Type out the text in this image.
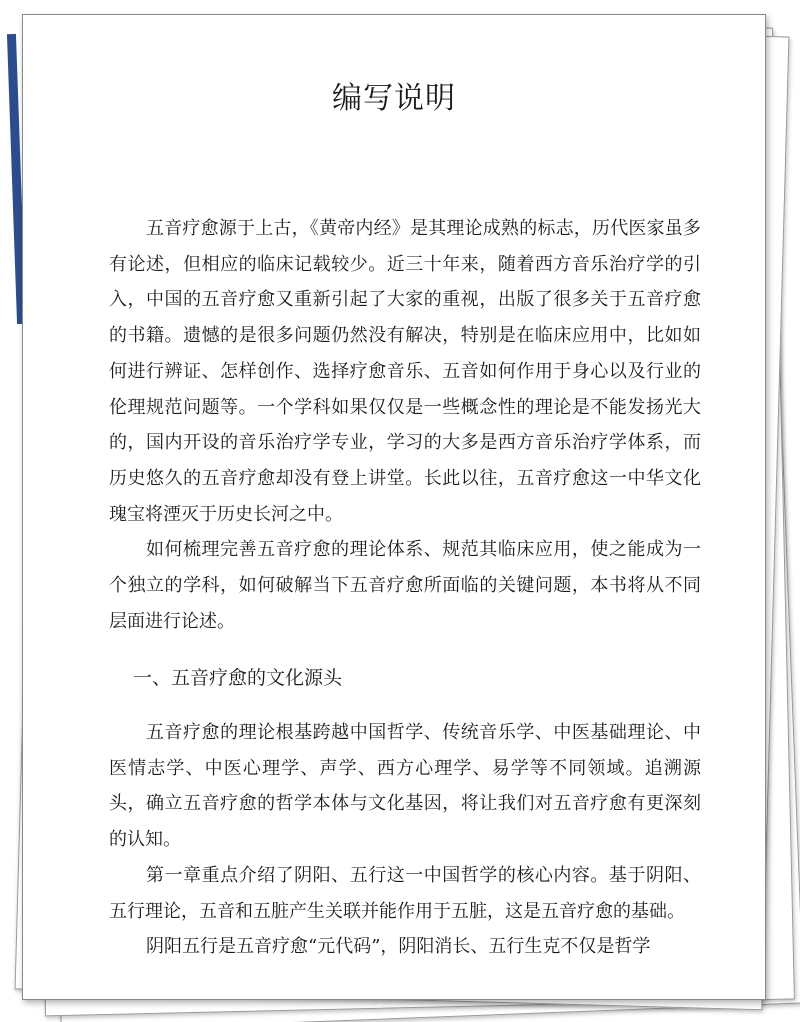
编写说明

五音疗愈源于上古，《黄帝内经》是其理论成熟的标志，历代医家虽多有论述，但相应的临床记载较少。近三十年来，随着西方音乐治疗学的引入，中国的五音疗愈又重新引起了大家的重视，出版了很多关于五音疗愈的书籍。遗憾的是很多问题仍然没有解决，特别是在临床应用中，比如如何进行辨证、怎样创作、选择疗愈音乐、五音如何作用于身心以及行业的伦理规范问题等。一个学科如果仅仅是一些概念性的理论是不能发扬光大的，国内开设的音乐治疗学专业，学习的大多是西方音乐治疗学体系，而历史悠久的五音疗愈却没有登上讲堂。长此以往，五音疗愈这一中华文化瑰宝将湮灭于历史长河之中。

如何梳理完善五音疗愈的理论体系、规范其临床应用，使之能成为一个独立的学科，如何破解当下五音疗愈所面临的关键问题，本书将从不同层面进行论述。

一、五音疗愈的文化源头

五音疗愈的理论根基跨越中国哲学、传统音乐学、中医基础理论、中医情志学、中医心理学、声学、西方心理学、易学等不同领域。追溯源头，确立五音疗愈的哲学本体与文化基因，将让我们对五音疗愈有更深刻的认知。

第一章重点介绍了阴阳、五行这一中国哲学的核心内容。基于阴阳、五行理论，五音和五脏产生关联并能作用于五脏，这是五音疗愈的基础。

阴阳五行是五音疗愈“元代码”，阴阳消长、五行生克不仅是哲学
